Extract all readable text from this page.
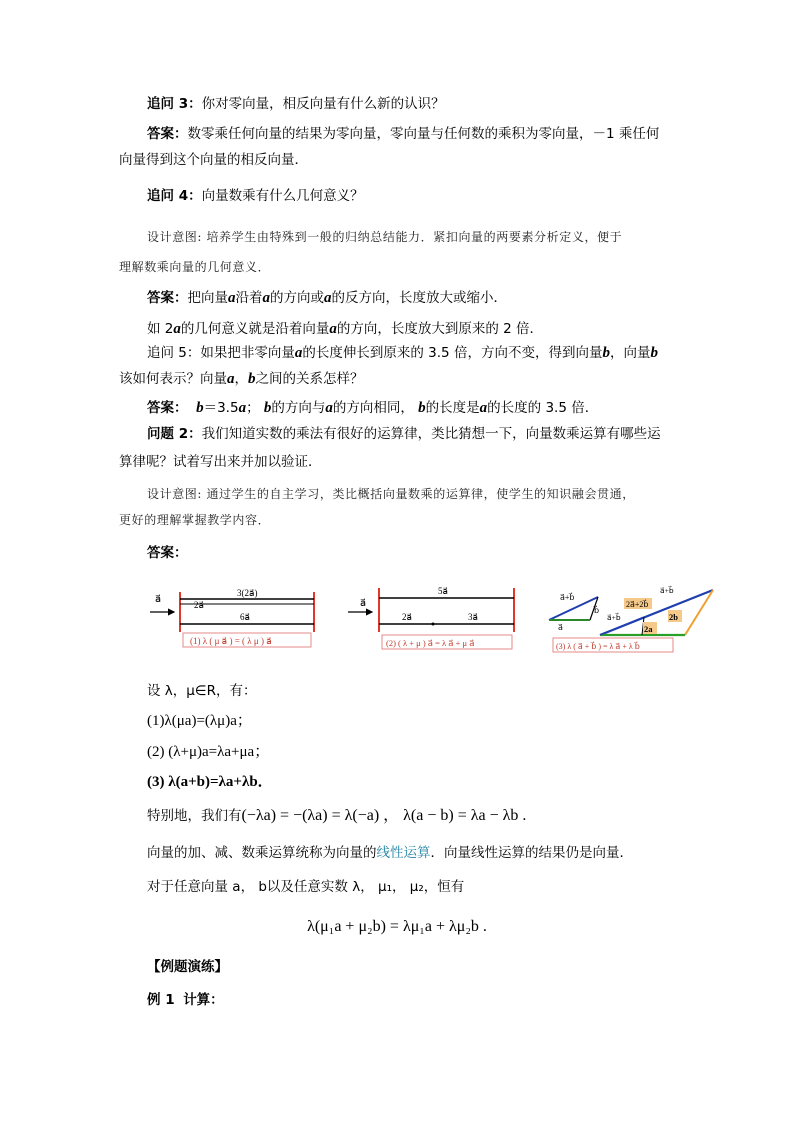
追问 3：你对零向量，相反向量有什么新的认识？
答案：数零乘任何向量的结果为零向量，零向量与任何数的乘积为零向量，－1 乘任何
向量得到这个向量的相反向量．
追问 4：向量数乘有什么几何意义？
设计意图: 培养学生由特殊到一般的归纳总结能力．紧扣向量的两要素分析定义，便于
理解数乘向量的几何意义．
答案：把向量a沿着a的方向或a的反方向，长度放大或缩小．
如 2a的几何意义就是沿着向量a的方向，长度放大到原来的 2 倍．
追问 5：如果把非零向量a的长度伸长到原来的 3.5 倍，方向不变，得到向量b，向量b
该如何表示？向量a，b之间的关系怎样？
答案： b＝3.5a； b的方向与a的方向相同， b的长度是a的长度的 3.5 倍．
问题 2：我们知道实数的乘法有很好的运算律，类比猜想一下，向量数乘运算有哪些运
算律呢？试着写出来并加以验证．
设计意图: 通过学生的自主学习，类比概括向量数乘的运算律，使学生的知识融会贯通，
更好的理解掌握教学内容．
答案：
a⃗
3(2a⃗)
2a⃗
6a⃗
(1) λ ( μ a⃗ ) = ( λ μ ) a⃗
a⃗
5a⃗
2a⃗	3a⃗
(2) ( λ + μ ) a⃗ = λ a⃗ + μ a⃗
a⃗+b⃗
b⃗
a⃗
a⃗+b⃗
2a⃗+2b⃗
a⃗+b⃗
2b⃗
2a⃗
(3) λ ( a⃗ + b⃗ ) = λ a⃗ + λ b⃗
设 λ，μ∈R，有：
(1)λ(μa)=(λμ)a；
(2) (λ+μ)a=λa+μa；
(3) λ(a+b)=λa+λb．
特别地，我们有(−λa) = −(λa) = λ(−a) ， λ(a − b) = λa − λb .
向量的加、减、数乘运算统称为向量的线性运算．向量线性运算的结果仍是向量．
对于任意向量 a， b以及任意实数 λ， μ₁， μ₂，恒有
λ(μ₁a + μ₂b) = λμ₁a + λμ₂b .
【例题演练】
例 1 计算：
